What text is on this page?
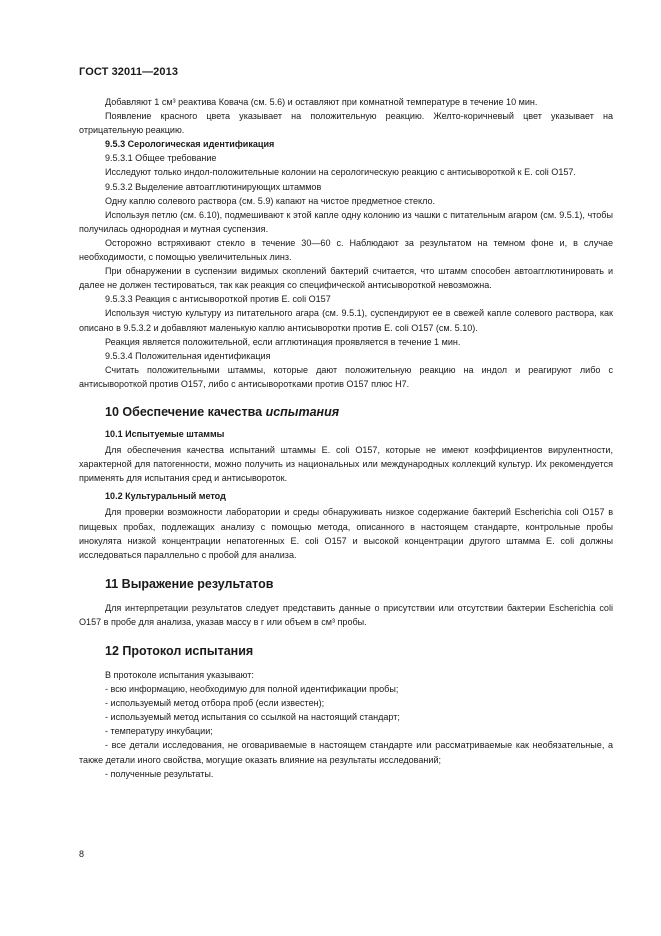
ГОСТ 32011—2013
Добавляют 1 см³ реактива Ковача (см. 5.6) и оставляют при комнатной температуре в течение 10 мин.
Появление красного цвета указывает на положительную реакцию. Желто-коричневый цвет указывает на отрицательную реакцию.
9.5.3 Серологическая идентификация
9.5.3.1 Общее требование
Исследуют только индол-положительные колонии на серологическую реакцию с антисывороткой к E. coli O157.
9.5.3.2 Выделение автоагглютинирующих штаммов
Одну каплю солевого раствора (см. 5.9) капают на чистое предметное стекло.
Используя петлю (см. 6.10), подмешивают к этой капле одну колонию из чашки с питательным агаром (см. 9.5.1), чтобы получилась однородная и мутная суспензия.
Осторожно встряхивают стекло в течение 30—60 с. Наблюдают за результатом на темном фоне и, в случае необходимости, с помощью увеличительных линз.
При обнаружении в суспензии видимых скоплений бактерий считается, что штамм способен автоагглютинировать и далее не должен тестироваться, так как реакция со специфической антисывороткой невозможна.
9.5.3.3 Реакция с антисывороткой против E. coli O157
Используя чистую культуру из питательного агара (см. 9.5.1), суспендируют ее в свежей капле солевого раствора, как описано в 9.5.3.2 и добавляют маленькую каплю антисыворотки против E. coli O157 (см. 5.10).
Реакция является положительной, если агглютинация проявляется в течение 1 мин.
9.5.3.4 Положительная идентификация
Считать положительными штаммы, которые дают положительную реакцию на индол и реагируют либо с антисывороткой против O157, либо с антисыворотками против O157 плюс H7.
10 Обеспечение качества испытания
10.1 Испытуемые штаммы
Для обеспечения качества испытаний штаммы E. coli O157, которые не имеют коэффициентов вирулентности, характерной для патогенности, можно получить из национальных или международных коллекций культур. Их рекомендуется применять для испытания сред и антисывороток.
10.2 Культуральный метод
Для проверки возможности лаборатории и среды обнаруживать низкое содержание бактерий Escherichia coli O157 в пищевых пробах, подлежащих анализу с помощью метода, описанного в настоящем стандарте, контрольные пробы инокулята низкой концентрации непатогенных E. coli O157 и высокой концентрации другого штамма E. coli должны исследоваться параллельно с пробой для анализа.
11 Выражение результатов
Для интерпретации результатов следует представить данные о присутствии или отсутствии бактерии Escherichia coli O157 в пробе для анализа, указав массу в г или объем в см³ пробы.
12 Протокол испытания
В протоколе испытания указывают:
- всю информацию, необходимую для полной идентификации пробы;
- используемый метод отбора проб (если известен);
- используемый метод испытания со ссылкой на настоящий стандарт;
- температуру инкубации;
- все детали исследования, не оговариваемые в настоящем стандарте или рассматриваемые как необязательные, а также детали иного свойства, могущие оказать влияние на результаты исследований;
- полученные результаты.
8
